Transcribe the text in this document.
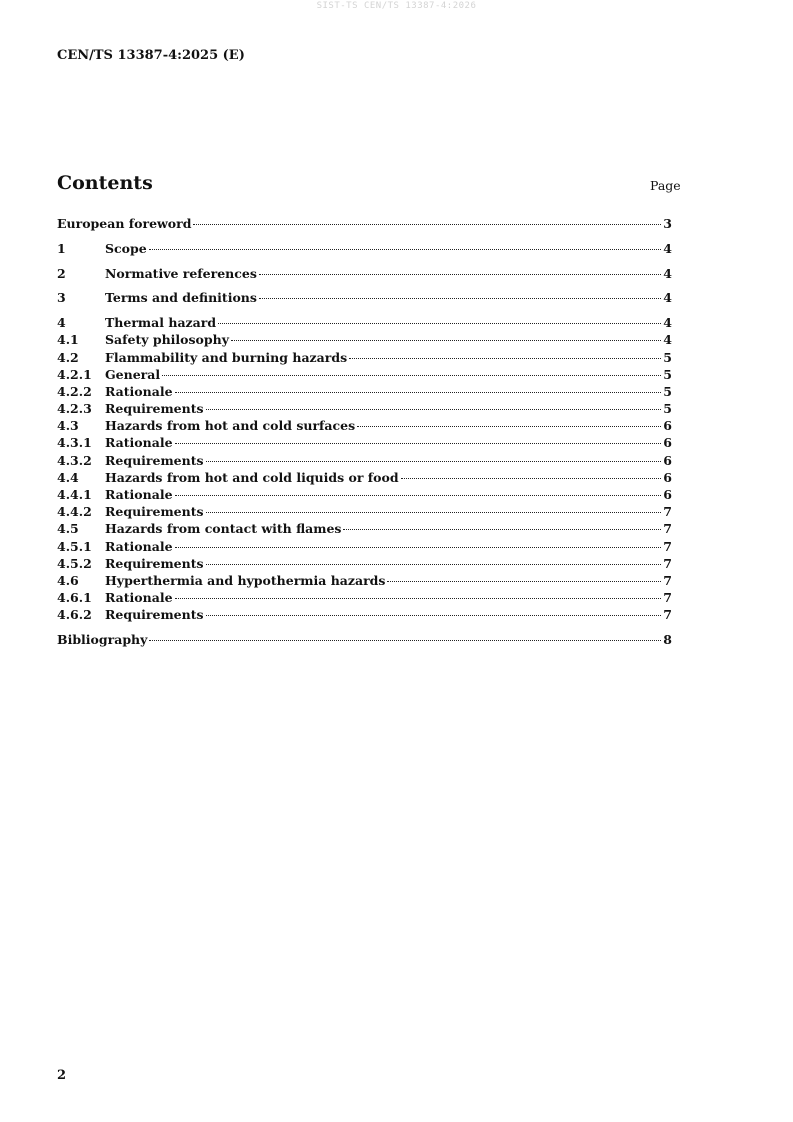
SIST-TS CEN/TS 13387-4:2026
CEN/TS 13387-4:2025 (E)
Contents	Page
European foreword	3
1	Scope	4
2	Normative references	4
3	Terms and definitions	4
4	Thermal hazard	4
4.1	Safety philosophy	4
4.2	Flammability and burning hazards	5
4.2.1	General	5
4.2.2	Rationale	5
4.2.3	Requirements	5
4.3	Hazards from hot and cold surfaces	6
4.3.1	Rationale	6
4.3.2	Requirements	6
4.4	Hazards from hot and cold liquids or food	6
4.4.1	Rationale	6
4.4.2	Requirements	7
4.5	Hazards from contact with flames	7
4.5.1	Rationale	7
4.5.2	Requirements	7
4.6	Hyperthermia and hypothermia hazards	7
4.6.1	Rationale	7
4.6.2	Requirements	7
Bibliography	8
2
